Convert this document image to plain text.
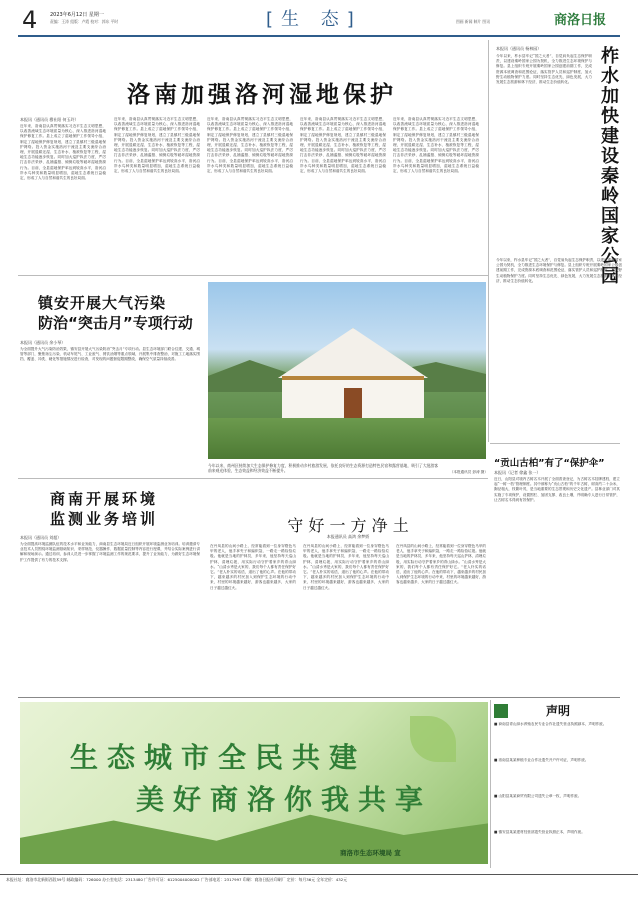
4	2023年6月12日 星期一
责编：王涛 组版：卢霞 校对：郭东 平时	[生 态]	图画 新闻 制片 图讯	商洛日报
洛南加强洛河湿地保护
本报讯（通讯员 穆社阳 何玉玲）
近年来，洛南县认真贯彻落实习近平生态文明思想，以改善流域生态环境质量为核心，深入推进洛河湿地保护修复工作。县上成立了湿地保护工作领导小组，制定了湿地保护修复规划，建立了县镇村三级湿地保护网络。投入资金实施洛河干流及主要支流综合治理，开展退耕还湿、生态补水、植被恢复等工程，湿地生态功能逐步恢复。同时加大巡护执法力度，严厉打击非法采砂、乱捕滥猎、倾倒垃圾等破坏湿地资源行为。目前，全县湿地保护率达到较高水平，洛河沿岸水鸟种类和数量明显增加，湿地生态系统日益稳定，形成了人与自然和谐共生的良好局面。
近年来，洛南县认真贯彻落实习近平生态文明思想，以改善流域生态环境质量为核心，深入推进洛河湿地保护修复工作。县上成立了湿地保护工作领导小组，制定了湿地保护修复规划，建立了县镇村三级湿地保护网络。投入资金实施洛河干流及主要支流综合治理，开展退耕还湿、生态补水、植被恢复等工程，湿地生态功能逐步恢复。同时加大巡护执法力度，严厉打击非法采砂、乱捕滥猎、倾倒垃圾等破坏湿地资源行为。目前，全县湿地保护率达到较高水平，洛河沿岸水鸟种类和数量明显增加，湿地生态系统日益稳定，形成了人与自然和谐共生的良好局面。
近年来，洛南县认真贯彻落实习近平生态文明思想，以改善流域生态环境质量为核心，深入推进洛河湿地保护修复工作。县上成立了湿地保护工作领导小组，制定了湿地保护修复规划，建立了县镇村三级湿地保护网络。投入资金实施洛河干流及主要支流综合治理，开展退耕还湿、生态补水、植被恢复等工程，湿地生态功能逐步恢复。同时加大巡护执法力度，严厉打击非法采砂、乱捕滥猎、倾倒垃圾等破坏湿地资源行为。目前，全县湿地保护率达到较高水平，洛河沿岸水鸟种类和数量明显增加，湿地生态系统日益稳定，形成了人与自然和谐共生的良好局面。
近年来，洛南县认真贯彻落实习近平生态文明思想，以改善流域生态环境质量为核心，深入推进洛河湿地保护修复工作。县上成立了湿地保护工作领导小组，制定了湿地保护修复规划，建立了县镇村三级湿地保护网络。投入资金实施洛河干流及主要支流综合治理，开展退耕还湿、生态补水、植被恢复等工程，湿地生态功能逐步恢复。同时加大巡护执法力度，严厉打击非法采砂、乱捕滥猎、倾倒垃圾等破坏湿地资源行为。目前，全县湿地保护率达到较高水平，洛河沿岸水鸟种类和数量明显增加，湿地生态系统日益稳定，形成了人与自然和谐共生的良好局面。
近年来，洛南县认真贯彻落实习近平生态文明思想，以改善流域生态环境质量为核心，深入推进洛河湿地保护修复工作。县上成立了湿地保护工作领导小组，制定了湿地保护修复规划，建立了县镇村三级湿地保护网络。投入资金实施洛河干流及主要支流综合治理，开展退耕还湿、生态补水、植被恢复等工程，湿地生态功能逐步恢复。同时加大巡护执法力度，严厉打击非法采砂、乱捕滥猎、倾倒垃圾等破坏湿地资源行为。目前，全县湿地保护率达到较高水平，洛河沿岸水鸟种类和数量明显增加，湿地生态系统日益稳定，形成了人与自然和谐共生的良好局面。	柞水加快建设秦岭国家公园
本报讯（通讯员 杨林园）
今年以来，柞水县牢记“国之大者”，自觉肩负起生态保护职责，以建设秦岭国家公园为契机，全力推进生态环境保护与修复。县上组织专班开展秦岭国家公园创建前期工作，完成资源本底调查和范围论证，落实管护人员和巡护制度，加大野生动植物保护力度。同时坚持生态优先、绿色发展，大力发展生态旅游和林下经济，推动生态价值转化。
今年以来，柞水县牢记“国之大者”，自觉肩负起生态保护职责，以建设秦岭国家公园为契机，全力推进生态环境保护与修复。县上组织专班开展秦岭国家公园创建前期工作，完成资源本底调查和范围论证，落实管护人员和巡护制度，加大野生动植物保护力度。同时坚持生态优先、绿色发展，大力发展生态旅游和林下经济，推动生态价值转化。
镇安开展大气污染
防治“突击月”专项行动
本报讯（通讯员 余小琴）
为全面提升大气污染防治效果，镇安县开展大气污染防治“突击月”专项行动。县生态环境部门联合住建、交通、城管等部门，聚焦扬尘污染、机动车尾气、工业废气、餐饮油烟等重点领域，开展集中排查整治，对施工工地落实围挡、覆盖、冲洗、硬化等措施情况进行检查，对发现的问题督促限期整改，确保空气质量持续改善。
今年以来，商州区持续加大生态保护修复力度，积极推动乡村旅游发展，依托良好的生态资源打造特色民宿和露营基地，吸引了大批游客前来观光体验，生态效益和经济效益不断提升。	（本报通讯员 彭涛 摄）
商南开展环境
监测业务培训
本报讯（通讯员 刘超）
为全面提高环境监测队伍的技术水平和业务能力，商南县生态环境局近日组织开展环境监测业务培训。培训邀请专业技术人员围绕环境监测基础知识、采样规范、仪器操作、数据质量控制等内容进行授课，并结合实际案例进行讲解和现场演示。通过培训，参训人员进一步掌握了环境监测工作的规范要求，提升了业务能力，为做好生态环境保护工作提供了有力的技术支撑。
守 好 一 方 净 土
本报通讯员 高鸿 余梦娇
在丹凤县的山间小路上，经常能看到一位身穿橙色马甲的老人，他手拿夹子和编织袋，一路走一路捡拾垃圾。他就是当地的护林员，多年来，他坚持每天巡山护林，清理垃圾，用实际行动守护着家乡的青山绿水。“山清水秀是大家的，我们每个人都有责任保护好它。”老人朴实的话语，道出了他的心声。在他的带动下，越来越多的村民加入到保护生态环境的行动中来，村里的环境越来越好，游客也越来越多，大家的日子越过越红火。
在丹凤县的山间小路上，经常能看到一位身穿橙色马甲的老人，他手拿夹子和编织袋，一路走一路捡拾垃圾。他就是当地的护林员，多年来，他坚持每天巡山护林，清理垃圾，用实际行动守护着家乡的青山绿水。“山清水秀是大家的，我们每个人都有责任保护好它。”老人朴实的话语，道出了他的心声。在他的带动下，越来越多的村民加入到保护生态环境的行动中来，村里的环境越来越好，游客也越来越多，大家的日子越过越红火。
在丹凤县的山间小路上，经常能看到一位身穿橙色马甲的老人，他手拿夹子和编织袋，一路走一路捡拾垃圾。他就是当地的护林员，多年来，他坚持每天巡山护林，清理垃圾，用实际行动守护着家乡的青山绿水。“山清水秀是大家的，我们每个人都有责任保护好它。”老人朴实的话语，道出了他的心声。在他的带动下，越来越多的村民加入到保护生态环境的行动中来，村里的环境越来越好，游客也越来越多，大家的日子越过越红火。
“贡山古柏”有了“保护伞”
本报讯（记者 徐鑫 张一）
近日，山阳县对境内古树名木开展了全面普查登记，为古树名木挂牌建档，建立起“一树一档”管理制度。其中被称为“贡山古柏”的千年古树，树高约二十余米，胸径粗大，枝繁叶茂，是当地重要的生态景观和历史文化遗产。县林业部门对其实施了专项保护，设置围栏、加固支撑、改良土壤，并明确专人进行日常管护，让古树名木得到有效保护。
生态城市全民共建
美好商洛你我共享
商洛市生态环境局 宣
声明
■ 商南县青山绿水养殖农民专业合作社遗失营业执照副本，声明作废。
■ 洛南县某某种植专业合作社遗失开户许可证，声明作废。
■ 山阳县某某商贸有限公司遗失公章一枚，声明作废。
■ 镇安县某某建材经营部遗失营业执照正本，声明作废。
本报社址：商洛市北新街西段59号 邮政编码：726000 办公室电话：2313480 广告许可证：6125004000002 广告部电话：2317997 印刷：商洛日报社印刷厂 定价：每月36元 全年定价：432元
